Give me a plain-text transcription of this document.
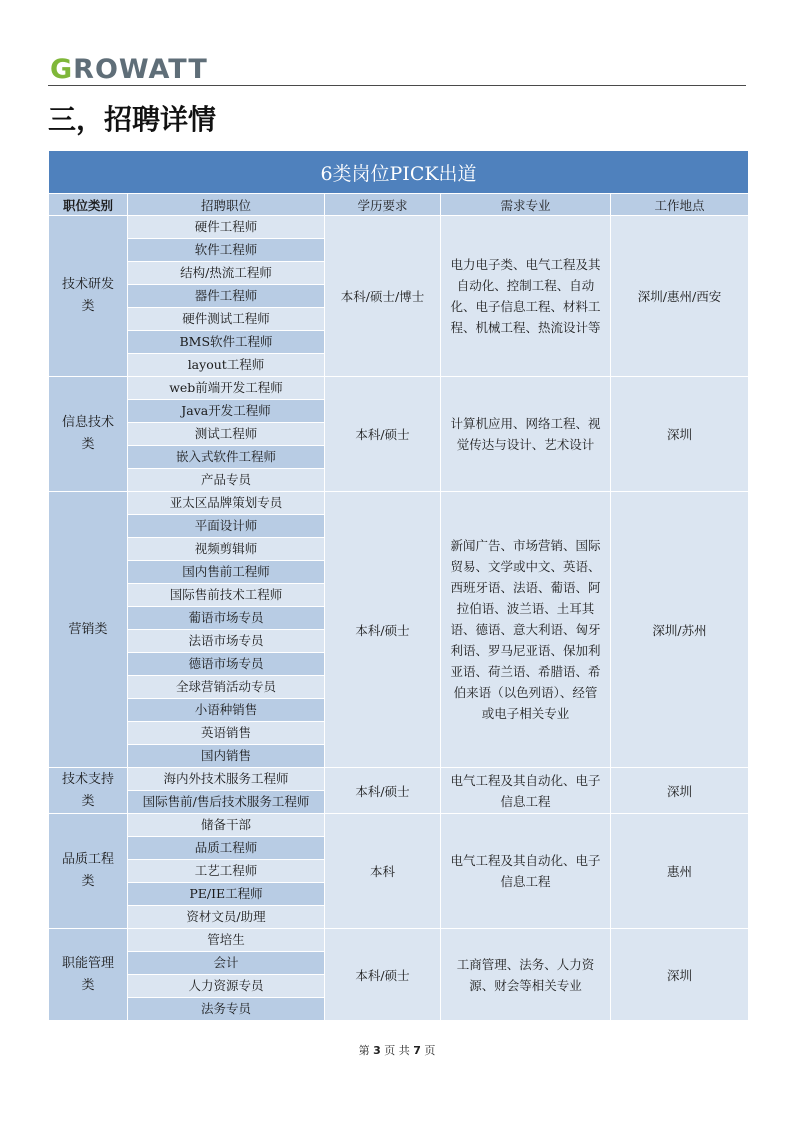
GROWATT
三，招聘详情
6类岗位PICK出道				
职位类别	招聘职位	学历要求	需求专业	工作地点
技术研发类	硬件工程师	本科/硕士/博士	电力电子类、电气工程及其自动化、控制工程、自动化、电子信息工程、材料工程、机械工程、热流设计等	深圳/惠州/西安
	软件工程师			
	结构/热流工程师			
	器件工程师			
	硬件测试工程师			
	BMS软件工程师			
	layout工程师			
信息技术类	web前端开发工程师	本科/硕士	计算机应用、网络工程、视觉传达与设计、艺术设计	深圳
	Java开发工程师			
	测试工程师			
	嵌入式软件工程师			
	产品专员			
营销类	亚太区品牌策划专员	本科/硕士	新闻广告、市场营销、国际贸易、文学或中文、英语、西班牙语、法语、葡语、阿拉伯语、波兰语、土耳其语、德语、意大利语、匈牙利语、罗马尼亚语、保加利亚语、荷兰语、希腊语、希伯来语（以色列语）、经管或电子相关专业	深圳/苏州
	平面设计师			
	视频剪辑师			
	国内售前工程师			
	国际售前技术工程师			
	葡语市场专员			
	法语市场专员			
	德语市场专员			
	全球营销活动专员			
	小语种销售			
	英语销售			
	国内销售			
技术支持类	海内外技术服务工程师	本科/硕士	电气工程及其自动化、电子信息工程	深圳
	国际售前/售后技术服务工程师			
品质工程类	储备干部	本科	电气工程及其自动化、电子信息工程	惠州
	品质工程师			
	工艺工程师			
	PE/IE工程师			
	资材文员/助理			
职能管理类	管培生	本科/硕士	工商管理、法务、人力资源、财会等相关专业	深圳
	会计			
	人力资源专员			
	法务专员			
第 3 页 共 7 页
